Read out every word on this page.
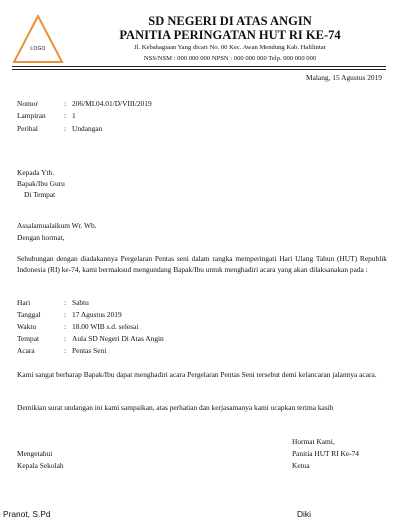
LOGO
SD NEGERI DI ATAS ANGIN
PANITIA PERINGATAN HUT RI KE-74
Jl. Kebahagiaan Yang dicari No. 00 Kec. Awan Mendung Kab. Halilintar
NSS/NSM : 000 000 000 NPSN : 000 000 000 Telp. 000 000 000
Malang, 15 Agustus 2019
Nomor	: 206/MI.04.01/D/VIII/2019
Lampiran : 1
Perihal	: Undangan
Kepada Yth.
Bapak/Ibu Guru
Di Tempat
Assalamualaikum Wr. Wb.
Dengan hormat,
Sehubungan dengan diadakannya Pergelaran Pentas seni dalam rangka memperingati Hari Ulang Tahun (HUT) Republik Indonesia (RI) ke-74, kami bermaksud mengundang Bapak/Ibu untuk menghadiri acara yang akan dilaksanakan pada :
Hari	: Sabtu
Tanggal	: 17 Agustus 2019
Waktu	: 18.00 WIB s.d. selesai
Tempat	: Aula SD Negeri Di Atas Angin
Acara	: Pentas Seni
Kami sangat berharap Bapak/Ibu dapat menghadiri acara Pergelaran Pentas Seni tersebut demi kelancaran jalannya acara.
Demikian surat undangan ini kami sampaikan, atas perhatian dan kerjasamanya kami ucapkan terima kasih
Hormat Kami,
Panitia HUT RI Ke-74
Ketua
Mengetahui
Kepala Sekolah
Pranot, S.Pd	Diki
